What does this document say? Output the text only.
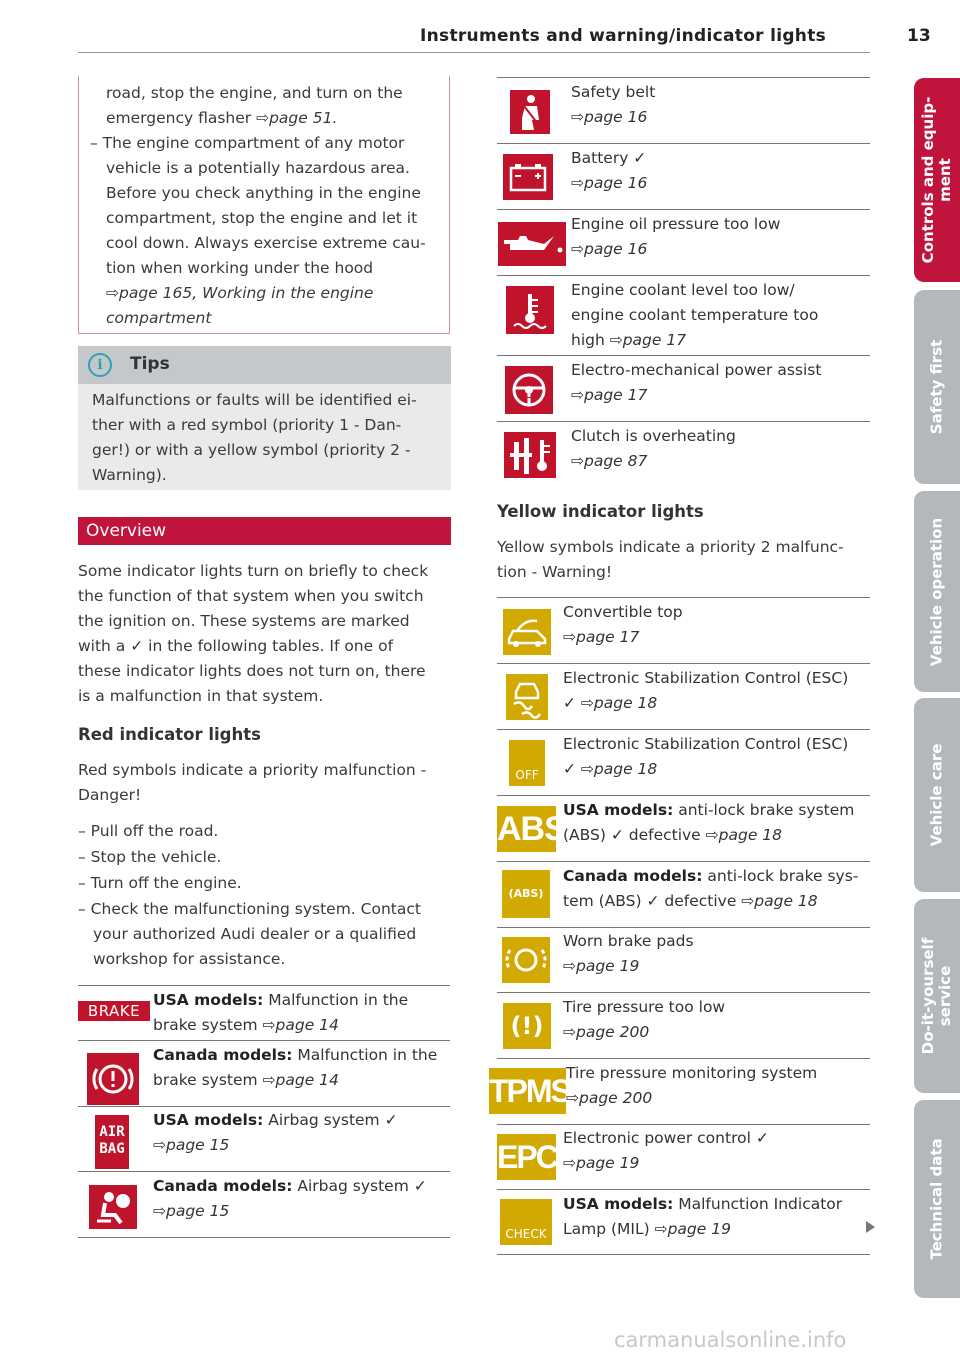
Instruments and warning/indicator lights	13
road, stop the engine, and turn on the
emergency flasher ⇨page 51.
– The engine compartment of any motor
vehicle is a potentially hazardous area.
Before you check anything in the engine
compartment, stop the engine and let it
cool down. Always exercise extreme cau-
tion when working under the hood
⇨page 165, Working in the engine
compartment
i	Tips
Malfunctions or faults will be identified ei-
ther with a red symbol (priority 1 - Dan-
ger!) or with a yellow symbol (priority 2 -
Warning).
Overview
Some indicator lights turn on briefly to check
the function of that system when you switch
the ignition on. These systems are marked
with a ✓ in the following tables. If one of
these indicator lights does not turn on, there
is a malfunction in that system.
Red indicator lights
Red symbols indicate a priority malfunction -
Danger!
– Pull off the road.
– Stop the vehicle.
– Turn off the engine.
– Check the malfunctioning system. Contact
your authorized Audi dealer or a qualified
workshop for assistance.
BRAKE
USA models: Malfunction in the
brake system ⇨page 14
Canada models: Malfunction in the
brake system ⇨page 14
AIR BAG
USA models: Airbag system ✓
⇨page 15
Canada models: Airbag system ✓
⇨page 15
Safety belt
⇨page 16
Battery ✓
⇨page 16
Engine oil pressure too low
⇨page 16
Engine coolant level too low/
engine coolant temperature too
high ⇨page 17
Electro-mechanical power assist
⇨page 17
Clutch is overheating
⇨page 87
Yellow indicator lights
Yellow symbols indicate a priority 2 malfunc-
tion - Warning!
Convertible top
⇨page 17
Electronic Stabilization Control (ESC)
✓ ⇨page 18
OFF
Electronic Stabilization Control (ESC)
✓ ⇨page 18
ABS
USA models: anti-lock brake system
(ABS) ✓ defective ⇨page 18
(ABS)
Canada models: anti-lock brake sys-
tem (ABS) ✓ defective ⇨page 18
Worn brake pads
⇨page 19
(!)
Tire pressure too low
⇨page 200
TPMS
Tire pressure monitoring system
⇨page 200
EPC
Electronic power control ✓
⇨page 19
CHECK
USA models: Malfunction Indicator
Lamp (MIL) ⇨page 19
Controls and equip-
ment
Safety first
Vehicle operation
Vehicle care
Do-it-yourself
service
Technical data
carmanualsonline.info
